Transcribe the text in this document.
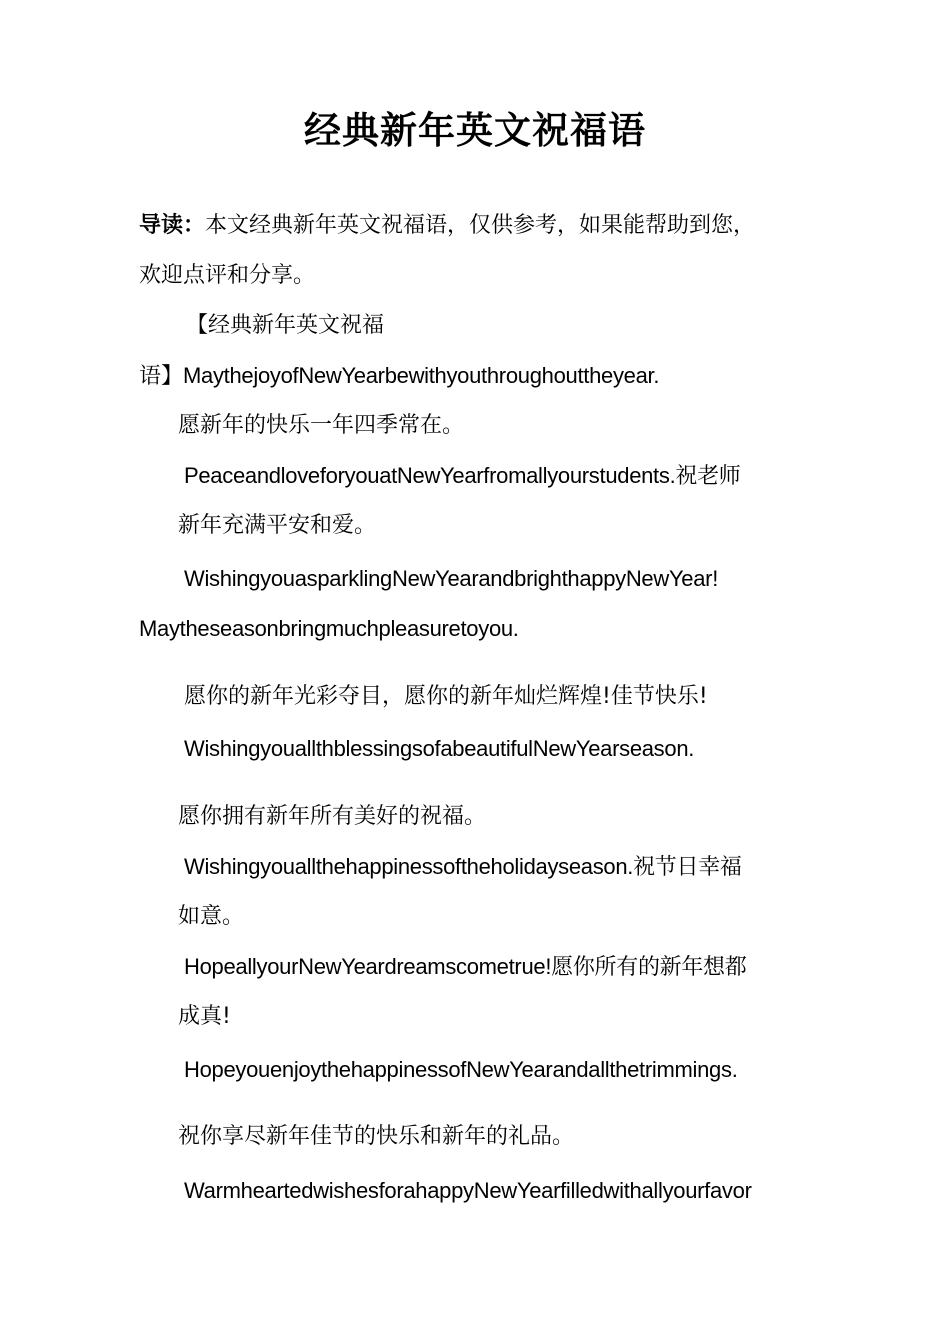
经典新年英文祝福语
导读：本文经典新年英文祝福语，仅供参考，如果能帮助到您，
欢迎点评和分享。
【经典新年英文祝福
语】MaythejoyofNewYearbewithyouthroughouttheyear.
愿新年的快乐一年四季常在。
PeaceandloveforyouatNewYearfromallyourstudents.祝老师
新年充满平安和爱。
WishingyouasparklingNewYearandbrighthappyNewYear!
Maytheseasonbringmuchpleasuretoyou.
愿你的新年光彩夺目，愿你的新年灿烂辉煌!佳节快乐!
WishingyouallthblessingsofabeautifulNewYearseason.
愿你拥有新年所有美好的祝福。
Wishingyouallthehappinessoftheholidayseason.祝节日幸福
如意。
HopeallyourNewYeardreamscometrue!愿你所有的新年想都
成真!
HopeyouenjoythehappinessofNewYearandallthetrimmings.
祝你享尽新年佳节的快乐和新年的礼品。
WarmheartedwishesforahappyNewYearfilledwithallyourfavor
